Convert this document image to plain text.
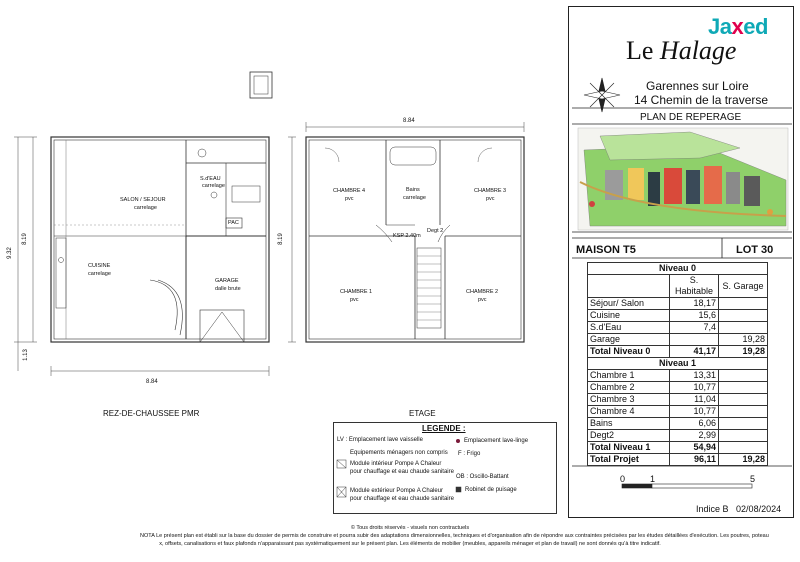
8.84
9.32
8.19
1.13
8.84
8.19
SALON / SEJOUR
carrelage
CUISINE
carrelage
S.d'EAU
carrelage
GARAGE
dalle brute
PAC
CHAMBRE 4
pvc
Bains
carrelage
CHAMBRE 3
pvc
Degt 2
KSP 2.40m
CHAMBRE 1
pvc
CHAMBRE 2
pvc
REZ-DE-CHAUSSEE PMR	ETAGE
LEGENDE :
LV : Emplacement lave vaisselle
Equipements ménagers non compris
Module intérieur Pompe A Chaleur
pour chauffage et eau chaude sanitaire
Module extérieur Pompe A Chaleur
pour chauffage et eau chaude sanitaire
Emplacement lave-linge
F : Frigo
OB : Oscillo-Battant
Robinet de puisage
Jaxed
Le Halage
Garennes sur Loire
14 Chemin de la traverse
PLAN DE REPERAGE
MAISON T5	LOT 30
Niveau 0		
	S. Habitable	S. Garage
Séjour/ Salon	18,17	
Cuisine	15,6	
S.d'Eau	7,4	
Garage		19,28
Total Niveau 0	41,17	19,28
Niveau 1		
Chambre 1	13,31	
Chambre 2	10,77	
Chambre 3	11,04	
Chambre 4	10,77	
Bains	6,06	
Degt2	2,99	
Total Niveau 1	54,94	
Total Projet	96,11	19,28
0	1	5
Indice B 02/08/2024
© Tous droits réservés - visuels non contractuels
NOTA Le présent plan est établi sur la base du dossier de permis de construire et pourra subir des adaptations dimensionnelles, techniques et d'organisation afin de répondre aux contraintes précisées par les études détaillées d'exécution. Les poutres, poteau
x, offsets, canalisations et faux plafonds n'apparaissant pas systématiquement sur le présent plan. Les éléments de mobilier (meubles, appareils ménager et plan de travail) ne sont donnés qu'à titre indicatif.
